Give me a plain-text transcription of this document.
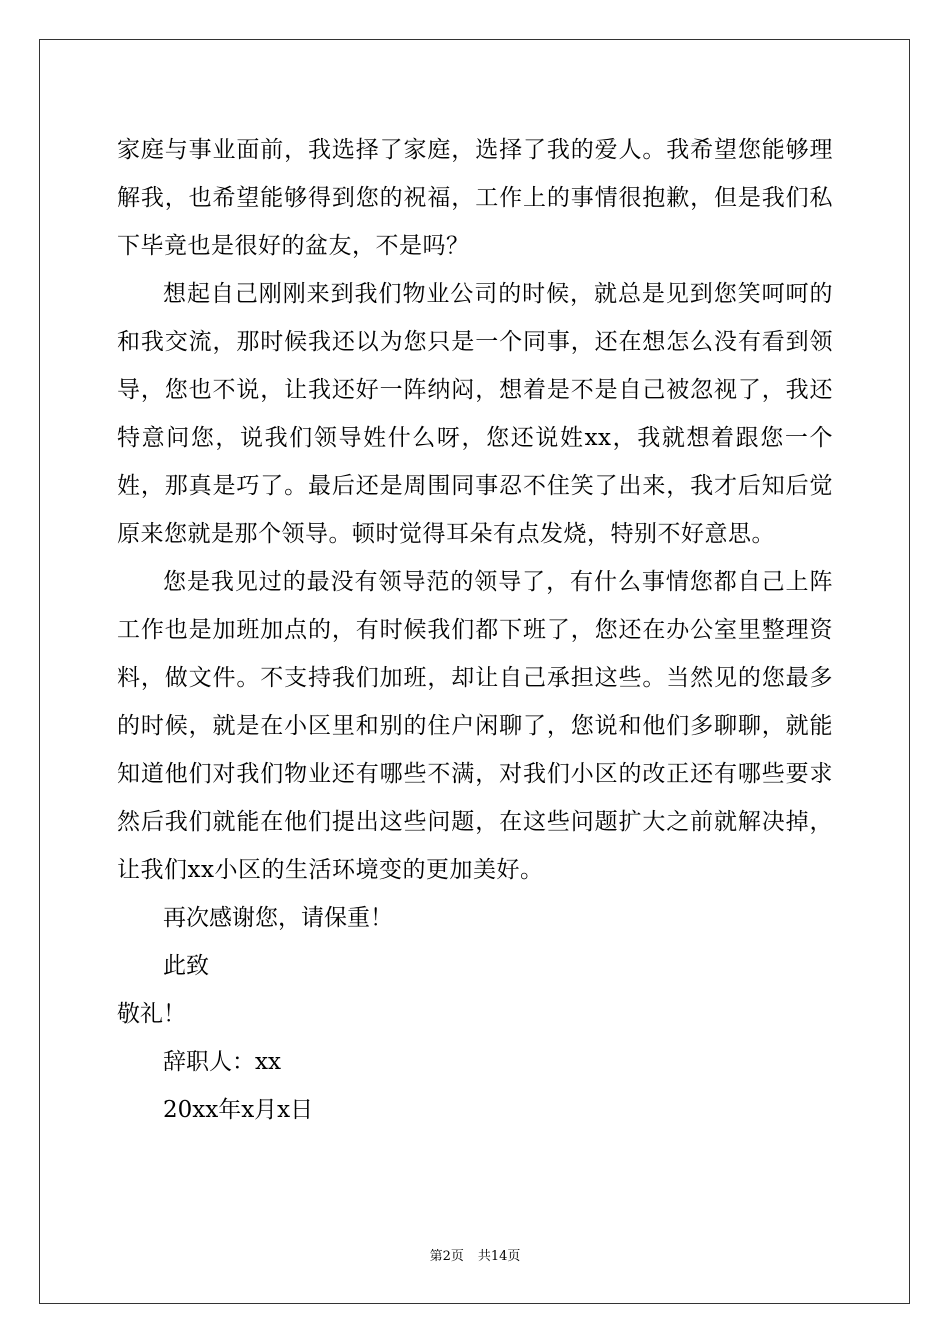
家庭与事业面前，我选择了家庭，选择了我的爱人。我希望您能够理解我，也希望能够得到您的祝福，工作上的事情很抱歉，但是我们私下毕竟也是很好的盆友，不是吗？

想起自己刚刚来到我们物业公司的时候，就总是见到您笑呵呵的和我交流，那时候我还以为您只是一个同事，还在想怎么没有看到领导，您也不说，让我还好一阵纳闷，想着是不是自己被忽视了，我还特意问您，说我们领导姓什么呀，您还说姓xx，我就想着跟您一个姓，那真是巧了。最后还是周围同事忍不住笑了出来，我才后知后觉原来您就是那个领导。顿时觉得耳朵有点发烧，特别不好意思。

您是我见过的最没有领导范的领导了，有什么事情您都自己上阵工作也是加班加点的，有时候我们都下班了，您还在办公室里整理资料，做文件。不支持我们加班，却让自己承担这些。当然见的您最多的时候，就是在小区里和别的住户闲聊了，您说和他们多聊聊，就能知道他们对我们物业还有哪些不满，对我们小区的改正还有哪些要求然后我们就能在他们提出这些问题，在这些问题扩大之前就解决掉，让我们xx小区的生活环境变的更加美好。

再次感谢您，请保重！

此致

敬礼！

辞职人：xx

20xx年x月x日

第2页 共14页
